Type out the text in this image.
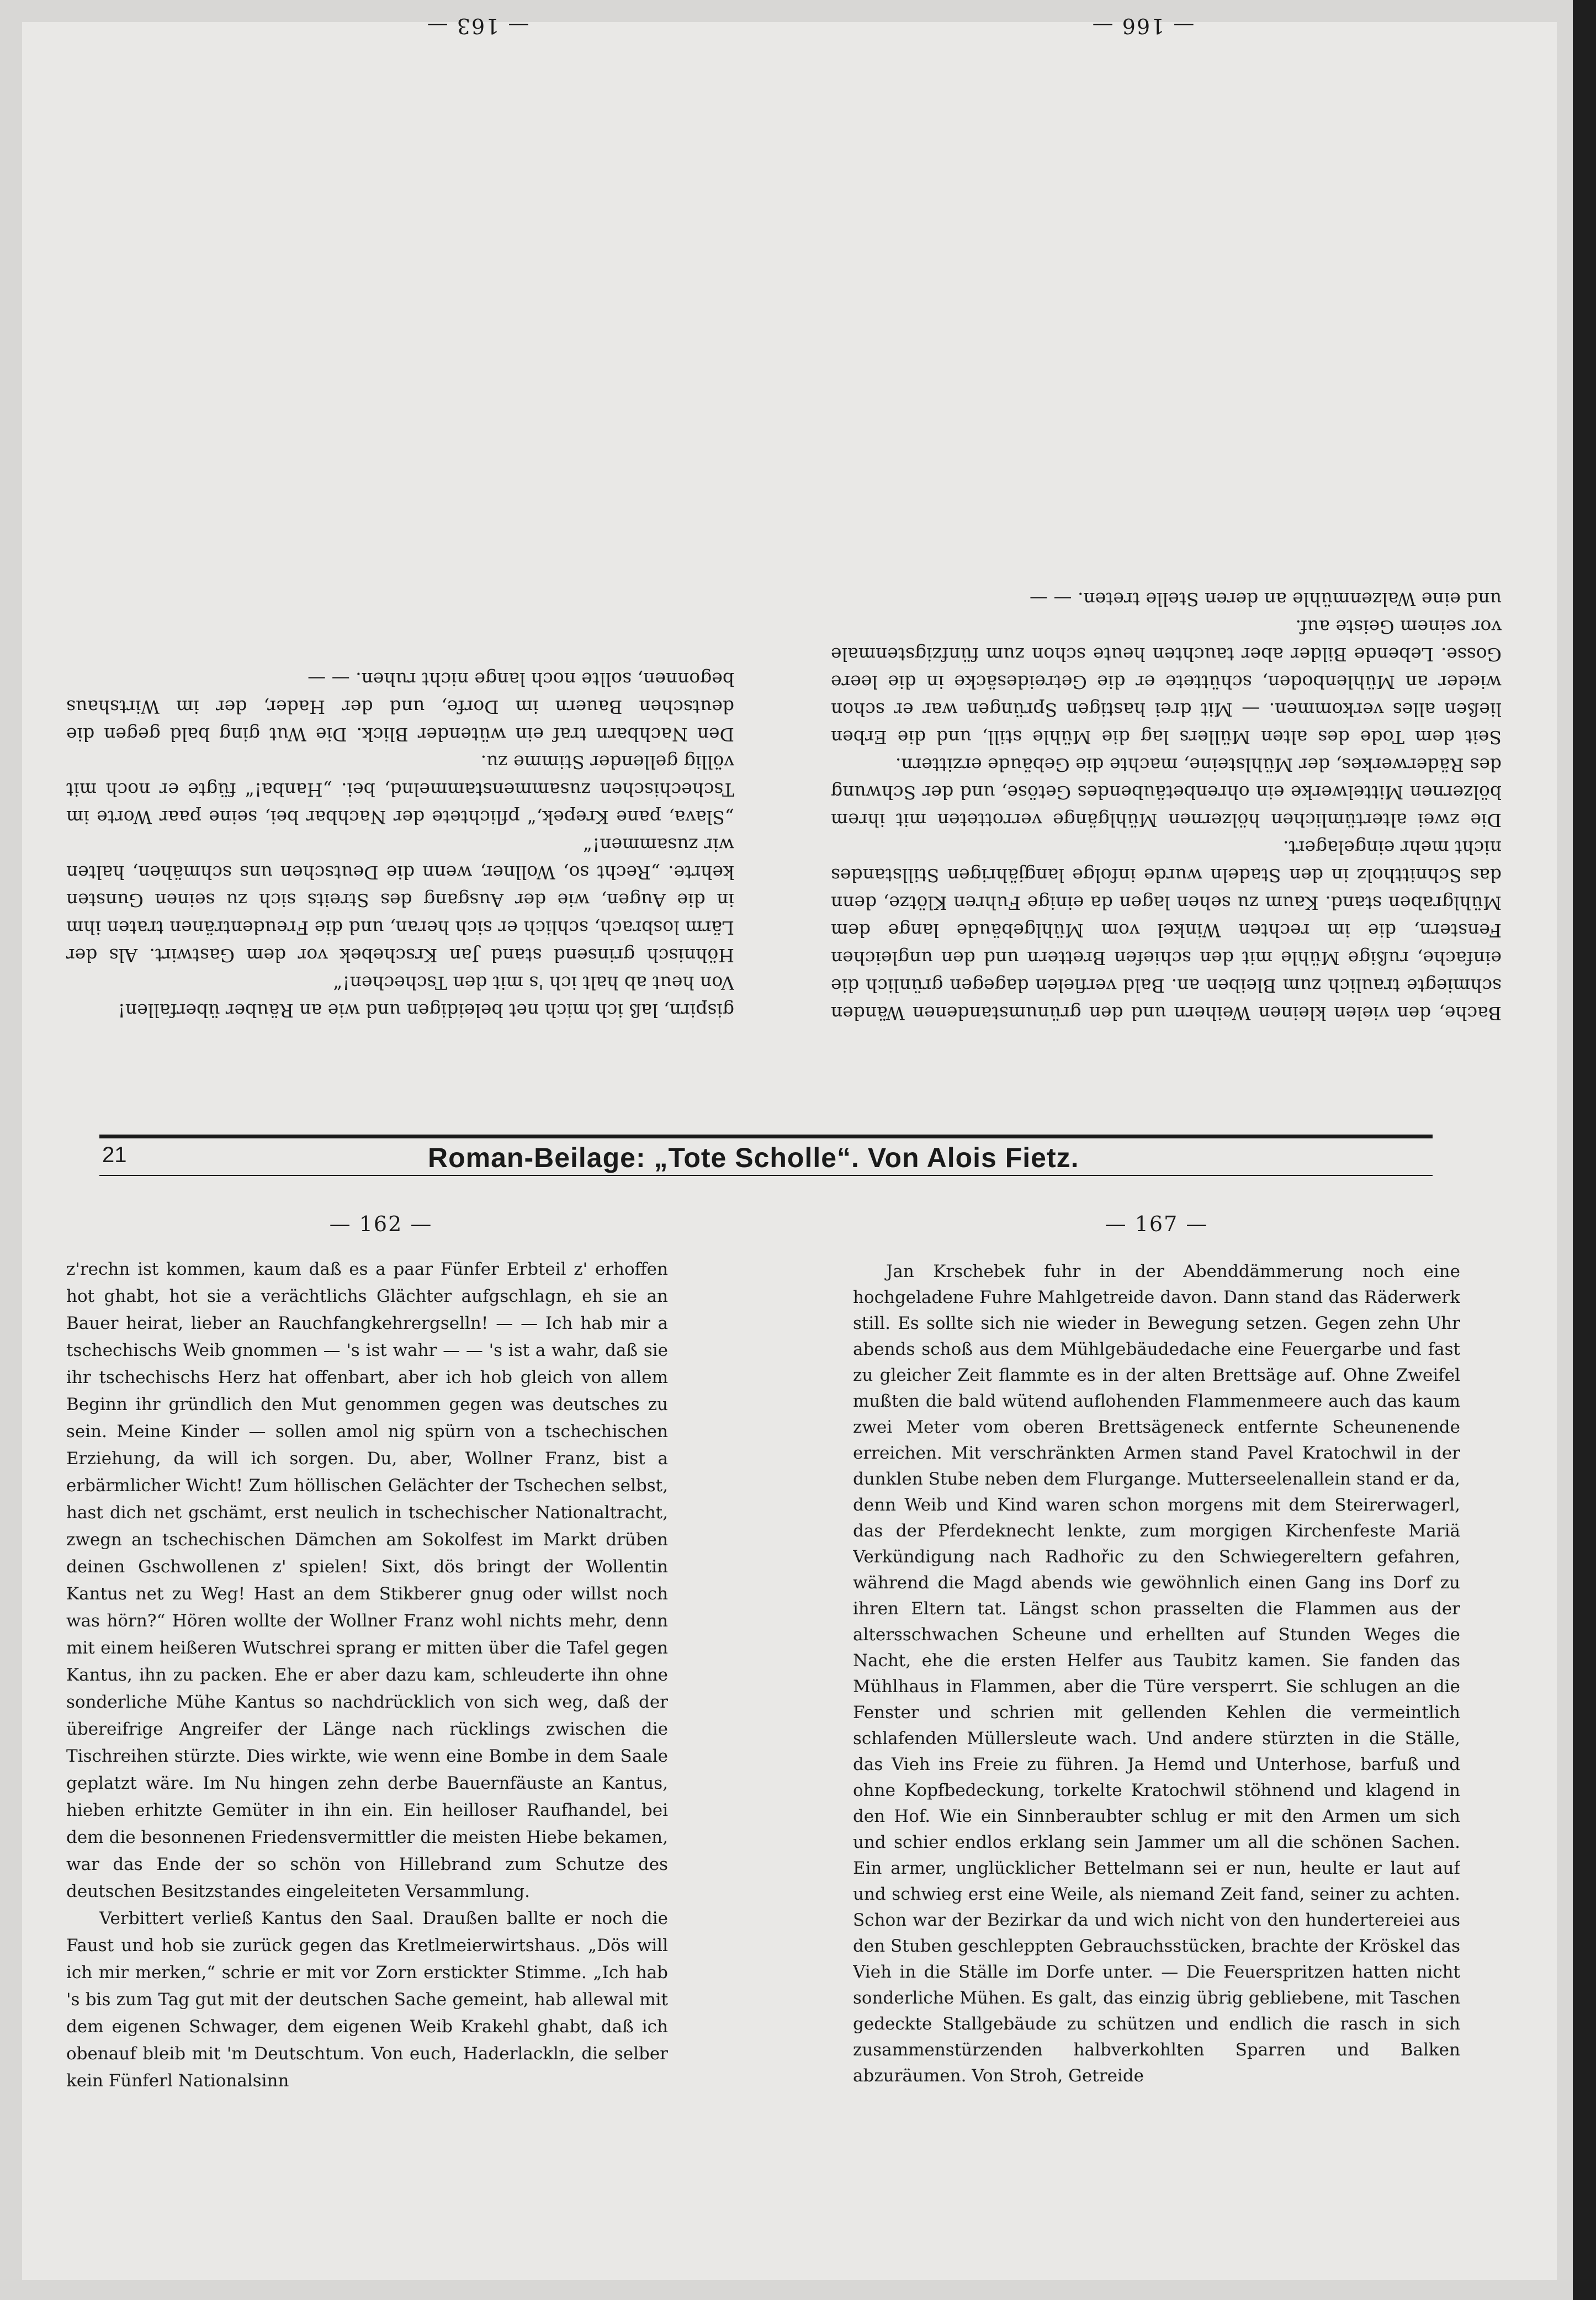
— 163 —	— 166 —

gispirn, laß ich mich net beleidigen und wie an Räuber überfallen!

Von heut ab halt ich 's mit den Tschechen!“

Höhnisch grinsend stand Jan Krschebek vor dem Gastwirt. Als der Lärm losbrach, schlich er sich heran, und die Freudentränen traten ihm in die Augen, wie der Ausgang des Streits sich zu seinen Gunsten kehrte. „Recht so, Wollner, wenn die Deutschen uns schmähen, halten wir zusammen!“

„Slava, pane Krepek,“ pflichtete der Nachbar bei, seine paar Worte im Tschechischen zusammenstammelnd, bei. „Hanba!“ fügte er noch mit völlig gellender Stimme zu.

Den Nachbarn traf ein wütender Blick. Die Wut ging bald gegen die deutschen Bauern im Dorfe, und der Hader, der im Wirtshaus begonnen, sollte noch lange nicht ruhen. — —

Bache, den vielen kleinen Weihern und den grünumstandenen Wänden schmiegte traulich zum Bleiben an. Bald verfielen dagegen grünlich die einfache, rußige Mühle mit den schiefen Brettern und den ungleichen Fenstern, die im rechten Winkel vom Mühlgebäude lange dem Mühlgraben stand. Kaum zu sehen lagen da einige Fuhren Klötze, denn das Schnittholz in den Stadeln wurde infolge langjährigen Stillstandes nicht mehr eingelagert.

Die zwei altertümlichen hölzernen Mühlgänge verrotteten mit ihrem bölzernen Mittelwerke ein ohrenbetäubendes Getöse, und der Schwung des Räderwerkes, der Mühlsteine, machte die Gebäude erzittern.

Seit dem Tode des alten Müllers lag die Mühle still, und die Erben ließen alles verkommen. — Mit drei hastigen Sprüngen war er schon wieder an Mühlenboden, schüttete er die Getreidesäcke in die leere Gosse. Lebende Bilder aber tauchten heute schon zum fünfzigstenmale vor seinem Geiste auf.

und eine Walzenmühle an deren Stelle treten. — —

21	Roman-Beilage: „Tote Scholle“. Von Alois Fietz.
— 162 —	— 167 —

z'rechn ist kommen, kaum daß es a paar Fünfer Erbteil z' erhoffen hot ghabt, hot sie a verächtlichs Glächter aufgschlagn, eh sie an Bauer heirat, lieber an Rauchfangkehrergselln! — — Ich hab mir a tschechischs Weib gnommen — 's ist wahr — — 's ist a wahr, daß sie ihr tschechischs Herz hat offenbart, aber ich hob gleich von allem Beginn ihr gründlich den Mut genommen gegen was deutsches zu sein. Meine Kinder — sollen amol nig spürn von a tschechischen Erziehung, da will ich sorgen. Du, aber, Wollner Franz, bist a erbärmlicher Wicht! Zum höllischen Gelächter der Tschechen selbst, hast dich net gschämt, erst neulich in tschechischer Nationaltracht, zwegn an tschechischen Dämchen am Sokolfest im Markt drüben deinen Gschwollenen z' spielen! Sixt, dös bringt der Wollentin Kantus net zu Weg! Hast an dem Stikberer gnug oder willst noch was hörn?“ Hören wollte der Wollner Franz wohl nichts mehr, denn mit einem heißeren Wutschrei sprang er mitten über die Tafel gegen Kantus, ihn zu packen. Ehe er aber dazu kam, schleuderte ihn ohne sonderliche Mühe Kantus so nachdrücklich von sich weg, daß der übereifrige Angreifer der Länge nach rücklings zwischen die Tischreihen stürzte. Dies wirkte, wie wenn eine Bombe in dem Saale geplatzt wäre. Im Nu hingen zehn derbe Bauernfäuste an Kantus, hieben erhitzte Gemüter in ihn ein. Ein heilloser Raufhandel, bei dem die besonnenen Friedensvermittler die meisten Hiebe bekamen, war das Ende der so schön von Hillebrand zum Schutze des deutschen Besitzstandes eingeleiteten Versammlung.

Verbittert verließ Kantus den Saal. Draußen ballte er noch die Faust und hob sie zurück gegen das Kretlmeierwirtshaus. „Dös will ich mir merken,“ schrie er mit vor Zorn erstickter Stimme. „Ich hab 's bis zum Tag gut mit der deutschen Sache gemeint, hab allewal mit dem eigenen Schwager, dem eigenen Weib Krakehl ghabt, daß ich obenauf bleib mit 'm Deutschtum. Von euch, Haderlackln, die selber kein Fünferl Nationalsinn

Jan Krschebek fuhr in der Abenddämmerung noch eine hochgeladene Fuhre Mahlgetreide davon. Dann stand das Räderwerk still. Es sollte sich nie wieder in Bewegung setzen. Gegen zehn Uhr abends schoß aus dem Mühlgebäudedache eine Feuergarbe und fast zu gleicher Zeit flammte es in der alten Brettsäge auf. Ohne Zweifel mußten die bald wütend auflohenden Flammenmeere auch das kaum zwei Meter vom oberen Brettsägeneck entfernte Scheunenende erreichen. Mit verschränkten Armen stand Pavel Kratochwil in der dunklen Stube neben dem Flurgange. Mutterseelenallein stand er da, denn Weib und Kind waren schon morgens mit dem Steirerwagerl, das der Pferdeknecht lenkte, zum morgigen Kirchenfeste Mariä Verkündigung nach Radhořic zu den Schwiegereltern gefahren, während die Magd abends wie gewöhnlich einen Gang ins Dorf zu ihren Eltern tat. Längst schon prasselten die Flammen aus der altersschwachen Scheune und erhellten auf Stunden Weges die Nacht, ehe die ersten Helfer aus Taubitz kamen. Sie fanden das Mühlhaus in Flammen, aber die Türe versperrt. Sie schlugen an die Fenster und schrien mit gellenden Kehlen die vermeintlich schlafenden Müllersleute wach. Und andere stürzten in die Ställe, das Vieh ins Freie zu führen. Ja Hemd und Unterhose, barfuß und ohne Kopfbedeckung, torkelte Kratochwil stöhnend und klagend in den Hof. Wie ein Sinnberaubter schlug er mit den Armen um sich und schier endlos erklang sein Jammer um all die schönen Sachen. Ein armer, unglücklicher Bettelmann sei er nun, heulte er laut auf und schwieg erst eine Weile, als niemand Zeit fand, seiner zu achten. Schon war der Bezirkar da und wich nicht von den hundertereiei aus den Stuben geschleppten Gebrauchsstücken, brachte der Kröskel das Vieh in die Ställe im Dorfe unter. — Die Feuerspritzen hatten nicht sonderliche Mühen. Es galt, das einzig übrig gebliebene, mit Taschen gedeckte Stallgebäude zu schützen und endlich die rasch in sich zusammenstürzenden halbverkohlten Sparren und Balken abzuräumen. Von Stroh, Getreide
